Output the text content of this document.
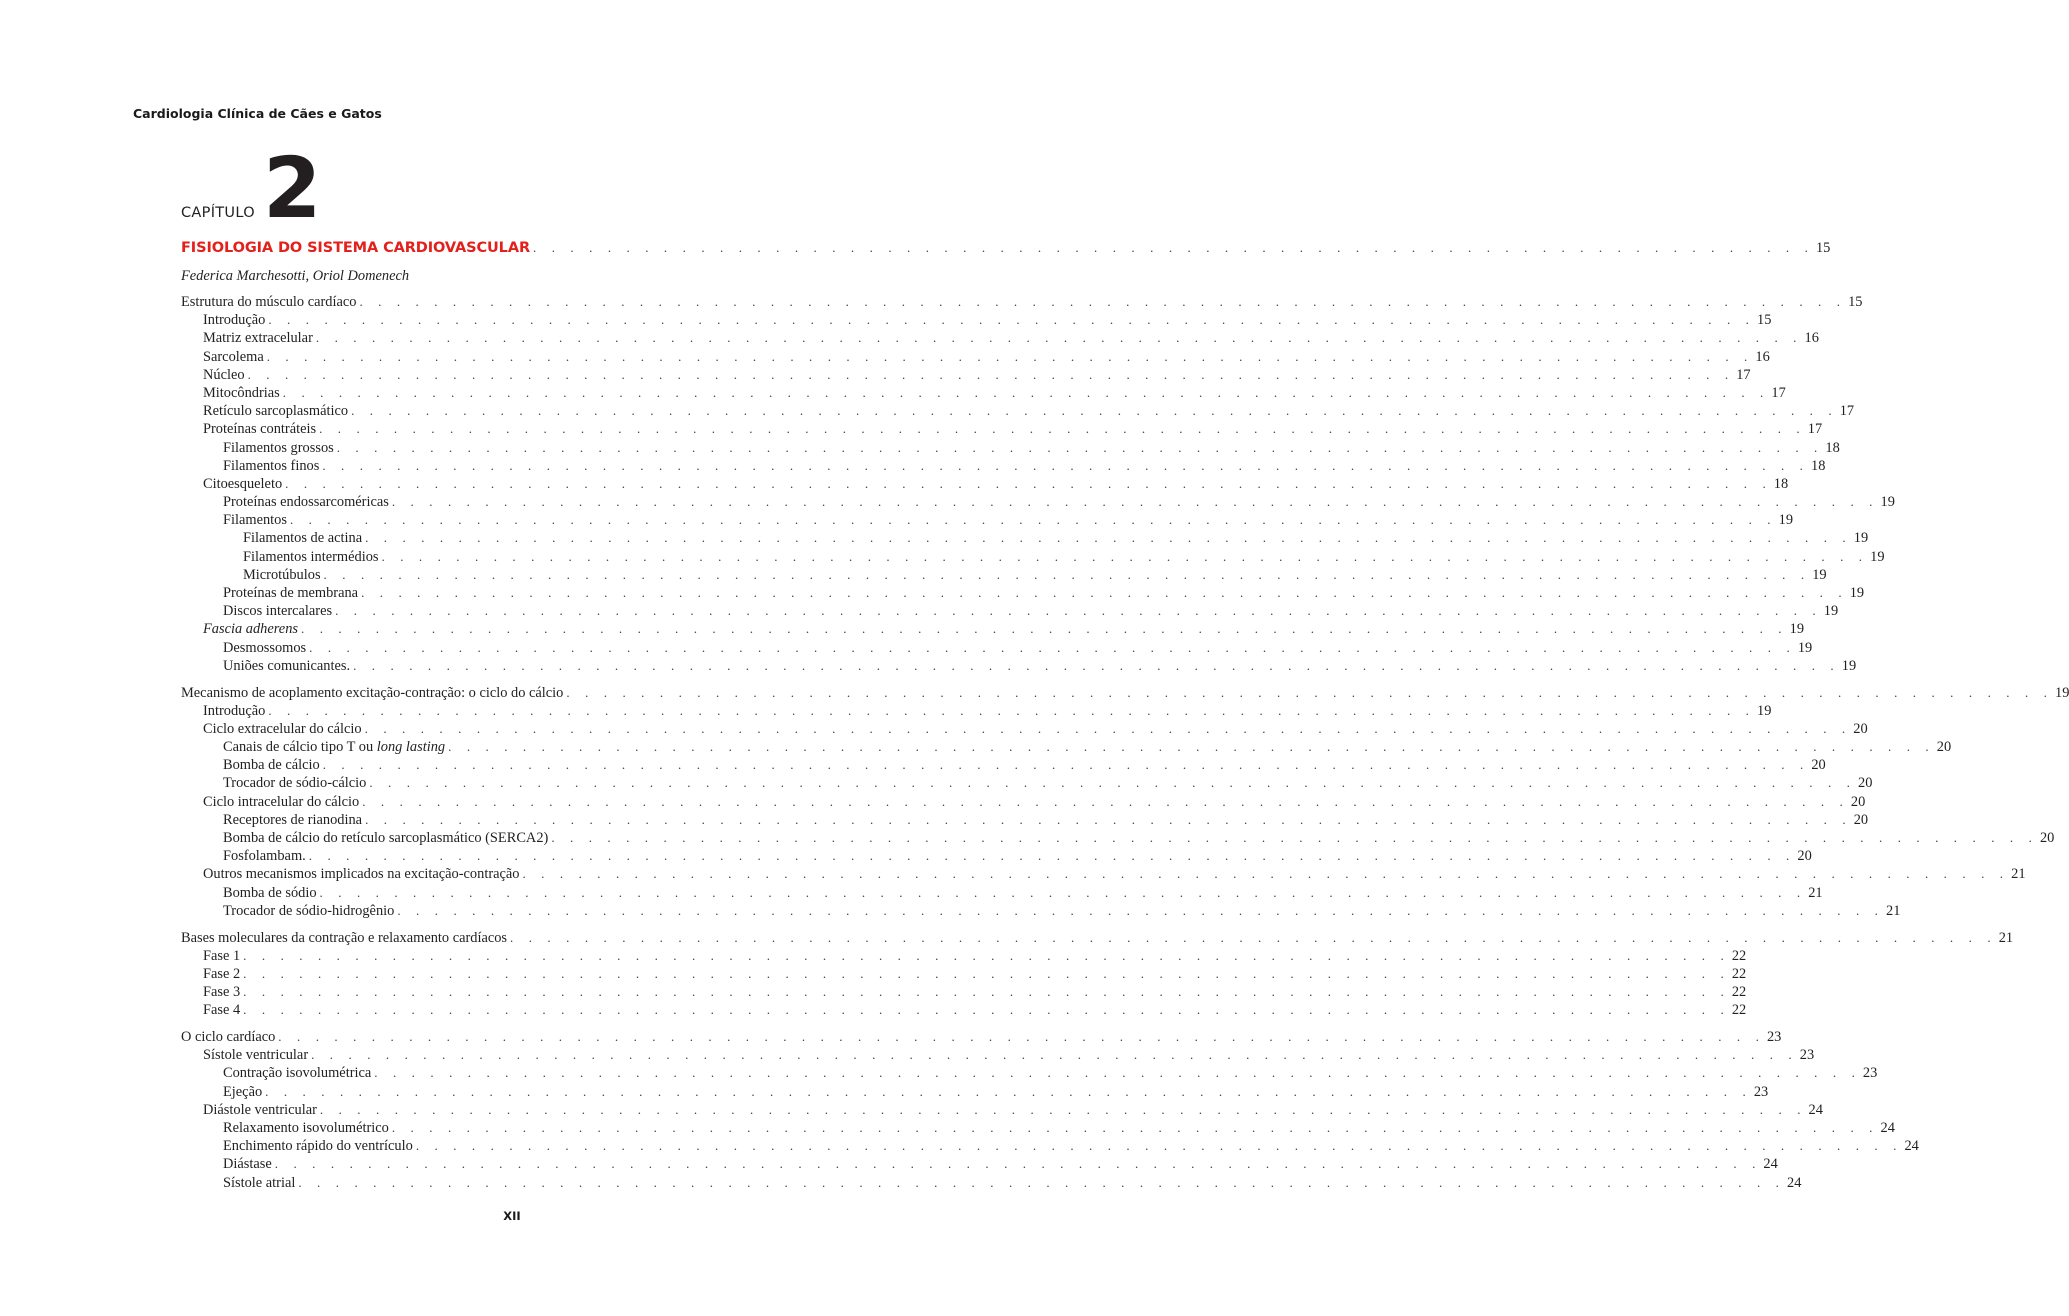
Cardiologia Clínica de Cães e Gatos
CAPÍTULO 2
FISIOLOGIA DO SISTEMA CARDIOVASCULAR . . . . . . . . . . . . . . . . . . . . . . . . . . . . . . . . . . . . . . . . . . . . . . . . . . . . . . . . . . . . . . . . . . . . . 15
Federica Marchesotti, Oriol Domenech
Estrutura do músculo cardíaco . . . . . . . . . . . . . . . . . . . . . . . . . . . . . . . . . . . . . . . . . . . . . . . . . . . . . . . . . . . . . . . . . . . . . . . . . . . . . . . . 15
Introdução . . . . . . . . . . . . . . . . . . . . . . . . . . . . . . . . . . . . . . . . . . . . . . . . . . . . . . . . . . . . . . . . . . . . . . . . . . . . . . . . 15
Matriz extracelular . . . . . . . . . . . . . . . . . . . . . . . . . . . . . . . . . . . . . . . . . . . . . . . . . . . . . . . . . . . . . . . . . . . . . . . . . . . . . . . . 16
Sarcolema . . . . . . . . . . . . . . . . . . . . . . . . . . . . . . . . . . . . . . . . . . . . . . . . . . . . . . . . . . . . . . . . . . . . . . . . . . . . . . . . 16
Núcleo . . . . . . . . . . . . . . . . . . . . . . . . . . . . . . . . . . . . . . . . . . . . . . . . . . . . . . . . . . . . . . . . . . . . . . . . . . . . . . . . 17
Mitocôndrias . . . . . . . . . . . . . . . . . . . . . . . . . . . . . . . . . . . . . . . . . . . . . . . . . . . . . . . . . . . . . . . . . . . . . . . . . . . . . . . . 17
Retículo sarcoplasmático . . . . . . . . . . . . . . . . . . . . . . . . . . . . . . . . . . . . . . . . . . . . . . . . . . . . . . . . . . . . . . . . . . . . . . . . . . . . . . . . 17
Proteínas contráteis . . . . . . . . . . . . . . . . . . . . . . . . . . . . . . . . . . . . . . . . . . . . . . . . . . . . . . . . . . . . . . . . . . . . . . . . . . . . . . . . 17
Filamentos grossos . . . . . . . . . . . . . . . . . . . . . . . . . . . . . . . . . . . . . . . . . . . . . . . . . . . . . . . . . . . . . . . . . . . . . . . . . . . . . . . . 18
Filamentos finos . . . . . . . . . . . . . . . . . . . . . . . . . . . . . . . . . . . . . . . . . . . . . . . . . . . . . . . . . . . . . . . . . . . . . . . . . . . . . . . . 18
Citoesqueleto . . . . . . . . . . . . . . . . . . . . . . . . . . . . . . . . . . . . . . . . . . . . . . . . . . . . . . . . . . . . . . . . . . . . . . . . . . . . . . . . 18
Proteínas endossarcoméricas . . . . . . . . . . . . . . . . . . . . . . . . . . . . . . . . . . . . . . . . . . . . . . . . . . . . . . . . . . . . . . . . . . . . . . . . . . . . . . . . 19
Filamentos . . . . . . . . . . . . . . . . . . . . . . . . . . . . . . . . . . . . . . . . . . . . . . . . . . . . . . . . . . . . . . . . . . . . . . . . . . . . . . . . 19
Filamentos de actina . . . . . . . . . . . . . . . . . . . . . . . . . . . . . . . . . . . . . . . . . . . . . . . . . . . . . . . . . . . . . . . . . . . . . . . . . . . . . . . . 19
Filamentos intermédios . . . . . . . . . . . . . . . . . . . . . . . . . . . . . . . . . . . . . . . . . . . . . . . . . . . . . . . . . . . . . . . . . . . . . . . . . . . . . . . . 19
Microtúbulos . . . . . . . . . . . . . . . . . . . . . . . . . . . . . . . . . . . . . . . . . . . . . . . . . . . . . . . . . . . . . . . . . . . . . . . . . . . . . . . . 19
Proteínas de membrana . . . . . . . . . . . . . . . . . . . . . . . . . . . . . . . . . . . . . . . . . . . . . . . . . . . . . . . . . . . . . . . . . . . . . . . . . . . . . . . . 19
Discos intercalares . . . . . . . . . . . . . . . . . . . . . . . . . . . . . . . . . . . . . . . . . . . . . . . . . . . . . . . . . . . . . . . . . . . . . . . . . . . . . . . . 19
Fascia adherens . . . . . . . . . . . . . . . . . . . . . . . . . . . . . . . . . . . . . . . . . . . . . . . . . . . . . . . . . . . . . . . . . . . . . . . . . . . . . . . . 19
Desmossomos . . . . . . . . . . . . . . . . . . . . . . . . . . . . . . . . . . . . . . . . . . . . . . . . . . . . . . . . . . . . . . . . . . . . . . . . . . . . . . . . 19
Uniões comunicantes. . . . . . . . . . . . . . . . . . . . . . . . . . . . . . . . . . . . . . . . . . . . . . . . . . . . . . . . . . . . . . . . . . . . . . . . . . . . . . . . . 19
Mecanismo de acoplamento excitação-contração: o ciclo do cálcio . . . . . . . . . . . . . . . . . . . . . . . . . . . . . . . . . . . . . . . . . . . . . . . . . . . . . . . . . . . . . . . . . . . . . . . . . . . . . . . . 19
Introdução . . . . . . . . . . . . . . . . . . . . . . . . . . . . . . . . . . . . . . . . . . . . . . . . . . . . . . . . . . . . . . . . . . . . . . . . . . . . . . . . 19
Ciclo extracelular do cálcio . . . . . . . . . . . . . . . . . . . . . . . . . . . . . . . . . . . . . . . . . . . . . . . . . . . . . . . . . . . . . . . . . . . . . . . . . . . . . . . . 20
Canais de cálcio tipo T ou long lasting . . . . . . . . . . . . . . . . . . . . . . . . . . . . . . . . . . . . . . . . . . . . . . . . . . . . . . . . . . . . . . . . . . . . . . . . . . . . . . . . 20
Bomba de cálcio . . . . . . . . . . . . . . . . . . . . . . . . . . . . . . . . . . . . . . . . . . . . . . . . . . . . . . . . . . . . . . . . . . . . . . . . . . . . . . . . 20
Trocador de sódio-cálcio . . . . . . . . . . . . . . . . . . . . . . . . . . . . . . . . . . . . . . . . . . . . . . . . . . . . . . . . . . . . . . . . . . . . . . . . . . . . . . . . 20
Ciclo intracelular do cálcio . . . . . . . . . . . . . . . . . . . . . . . . . . . . . . . . . . . . . . . . . . . . . . . . . . . . . . . . . . . . . . . . . . . . . . . . . . . . . . . . 20
Receptores de rianodina . . . . . . . . . . . . . . . . . . . . . . . . . . . . . . . . . . . . . . . . . . . . . . . . . . . . . . . . . . . . . . . . . . . . . . . . . . . . . . . . 20
Bomba de cálcio do retículo sarcoplasmático (SERCA2) . . . . . . . . . . . . . . . . . . . . . . . . . . . . . . . . . . . . . . . . . . . . . . . . . . . . . . . . . . . . . . . . . . . . . . . . . . . . . . . . 20
Fosfolambam. . . . . . . . . . . . . . . . . . . . . . . . . . . . . . . . . . . . . . . . . . . . . . . . . . . . . . . . . . . . . . . . . . . . . . . . . . . . . . . . . 20
Outros mecanismos implicados na excitação-contração . . . . . . . . . . . . . . . . . . . . . . . . . . . . . . . . . . . . . . . . . . . . . . . . . . . . . . . . . . . . . . . . . . . . . . . . . . . . . . . . 21
Bomba de sódio . . . . . . . . . . . . . . . . . . . . . . . . . . . . . . . . . . . . . . . . . . . . . . . . . . . . . . . . . . . . . . . . . . . . . . . . . . . . . . . . 21
Trocador de sódio-hidrogênio . . . . . . . . . . . . . . . . . . . . . . . . . . . . . . . . . . . . . . . . . . . . . . . . . . . . . . . . . . . . . . . . . . . . . . . . . . . . . . . . 21
Bases moleculares da contração e relaxamento cardíacos . . . . . . . . . . . . . . . . . . . . . . . . . . . . . . . . . . . . . . . . . . . . . . . . . . . . . . . . . . . . . . . . . . . . . . . . . . . . . . . . 21
Fase 1 . . . . . . . . . . . . . . . . . . . . . . . . . . . . . . . . . . . . . . . . . . . . . . . . . . . . . . . . . . . . . . . . . . . . . . . . . . . . . . . . 22
Fase 2 . . . . . . . . . . . . . . . . . . . . . . . . . . . . . . . . . . . . . . . . . . . . . . . . . . . . . . . . . . . . . . . . . . . . . . . . . . . . . . . . 22
Fase 3 . . . . . . . . . . . . . . . . . . . . . . . . . . . . . . . . . . . . . . . . . . . . . . . . . . . . . . . . . . . . . . . . . . . . . . . . . . . . . . . . 22
Fase 4 . . . . . . . . . . . . . . . . . . . . . . . . . . . . . . . . . . . . . . . . . . . . . . . . . . . . . . . . . . . . . . . . . . . . . . . . . . . . . . . . 22
O ciclo cardíaco . . . . . . . . . . . . . . . . . . . . . . . . . . . . . . . . . . . . . . . . . . . . . . . . . . . . . . . . . . . . . . . . . . . . . . . . . . . . . . . . 23
Sístole ventricular . . . . . . . . . . . . . . . . . . . . . . . . . . . . . . . . . . . . . . . . . . . . . . . . . . . . . . . . . . . . . . . . . . . . . . . . . . . . . . . . 23
Contração isovolumétrica . . . . . . . . . . . . . . . . . . . . . . . . . . . . . . . . . . . . . . . . . . . . . . . . . . . . . . . . . . . . . . . . . . . . . . . . . . . . . . . . 23
Ejeção . . . . . . . . . . . . . . . . . . . . . . . . . . . . . . . . . . . . . . . . . . . . . . . . . . . . . . . . . . . . . . . . . . . . . . . . . . . . . . . . 23
Diástole ventricular . . . . . . . . . . . . . . . . . . . . . . . . . . . . . . . . . . . . . . . . . . . . . . . . . . . . . . . . . . . . . . . . . . . . . . . . . . . . . . . . 24
Relaxamento isovolumétrico . . . . . . . . . . . . . . . . . . . . . . . . . . . . . . . . . . . . . . . . . . . . . . . . . . . . . . . . . . . . . . . . . . . . . . . . . . . . . . . . 24
Enchimento rápido do ventrículo . . . . . . . . . . . . . . . . . . . . . . . . . . . . . . . . . . . . . . . . . . . . . . . . . . . . . . . . . . . . . . . . . . . . . . . . . . . . . . . . 24
Diástase . . . . . . . . . . . . . . . . . . . . . . . . . . . . . . . . . . . . . . . . . . . . . . . . . . . . . . . . . . . . . . . . . . . . . . . . . . . . . . . . 24
Sístole atrial . . . . . . . . . . . . . . . . . . . . . . . . . . . . . . . . . . . . . . . . . . . . . . . . . . . . . . . . . . . . . . . . . . . . . . . . . . . . . . . . 24
XII
